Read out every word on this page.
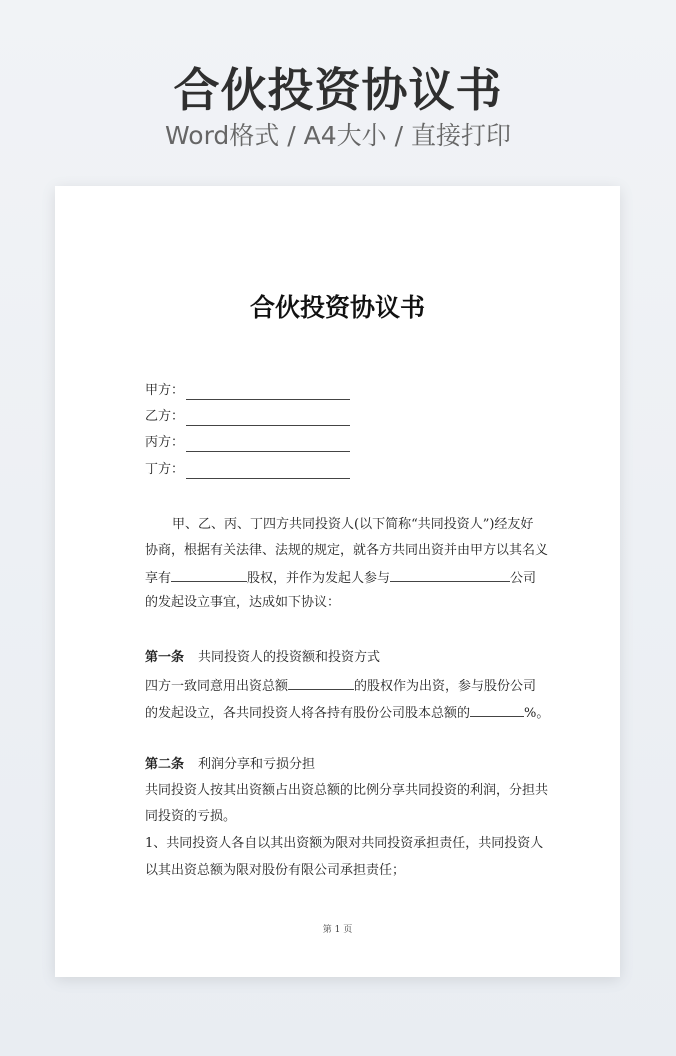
合伙投资协议书
Word格式 / A4大小 / 直接打印
合伙投资协议书
甲方：
乙方：
丙方：
丁方：
甲、乙、丙、丁四方共同投资人(以下简称“共同投资人”)经友好
协商，根据有关法律、法规的规定，就各方共同出资并由甲方以其名义
享有	股权，并作为发起人参与	公司
的发起设立事宜，达成如下协议：
第一条 共同投资人的投资额和投资方式
四方一致同意用出资总额	的股权作为出资，参与股份公司
的发起设立，各共同投资人将各持有股份公司股本总额的	%。
第二条 利润分享和亏损分担
共同投资人按其出资额占出资总额的比例分享共同投资的利润，分担共
同投资的亏损。
1、共同投资人各自以其出资额为限对共同投资承担责任，共同投资人
以其出资总额为限对股份有限公司承担责任；
第 1 页
